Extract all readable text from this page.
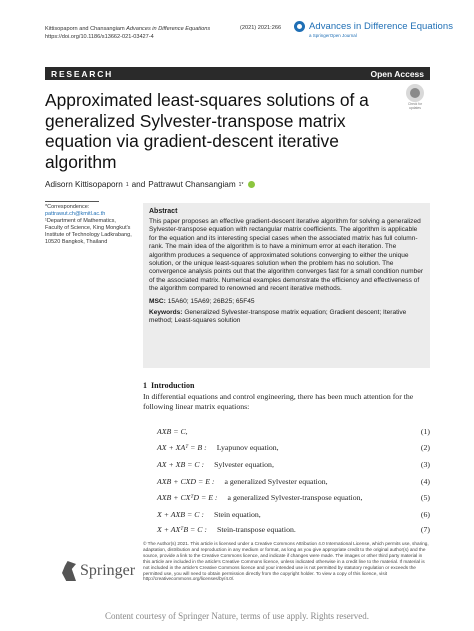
Kittisopaporn and Chansangiam Advances in Difference Equations
https://doi.org/10.1186/s13662-021-03427-4
(2021) 2021:266	Advances in Difference Equations
a SpringerOpen Journal
RESEARCH	Open Access
Approximated least-squares solutions of a generalized Sylvester-transpose matrix equation via gradient-descent iterative algorithm
Check for updates
Adisorn Kittisopaporn 1 and Pattrawut Chansangiam 1*
*Correspondence:
pattrawut.ch@kmitl.ac.th
¹Department of Mathematics, Faculty of Science, King Mongkut's Institute of Technology Ladkrabang, 10520 Bangkok, Thailand
Abstract

This paper proposes an effective gradient-descent iterative algorithm for solving a generalized Sylvester-transpose equation with rectangular matrix coefficients. The algorithm is applicable for the equation and its interesting special cases when the associated matrix has full column-rank. The main idea of the algorithm is to have a minimum error at each iteration. The algorithm produces a sequence of approximated solutions converging to either the unique solution, or the unique least-squares solution when the problem has no solution. The convergence analysis points out that the algorithm converges fast for a small condition number of the associated matrix. Numerical examples demonstrate the efficiency and effectiveness of the algorithm compared to renowned and recent iterative methods.

MSC: 15A60; 15A69; 26B25; 65F45
Keywords: Generalized Sylvester-transpose matrix equation; Gradient descent; Iterative method; Least-squares solution
1 Introduction

In differential equations and control engineering, there has been much attention for the following linear matrix equations:

AXB = C,	(1)
AX + XAᵀ = B : Lyapunov equation,	(2)
AX + XB = C : Sylvester equation,	(3)
AXB + CXD = E : a generalized Sylvester equation,	(4)
AXB + CXᵀD = E : a generalized Sylvester-transpose equation,	(5)
X + AXB = C : Stein equation,	(6)
X + AXᵀB = C : Stein-transpose equation.	(7)
Springer

© The Author(s) 2021. This article is licensed under a Creative Commons Attribution 4.0 International License, which permits use, sharing, adaptation, distribution and reproduction in any medium or format, as long as you give appropriate credit to the original author(s) and the source, provide a link to the Creative Commons licence, and indicate if changes were made. The images or other third party material in this article are included in the article's Creative Commons licence, unless indicated otherwise in a credit line to the material. If material is not included in the article's Creative Commons licence and your intended use is not permitted by statutory regulation or exceeds the permitted use, you will need to obtain permission directly from the copyright holder. To view a copy of this licence, visit http://creativecommons.org/licenses/by/4.0/.

Content courtesy of Springer Nature, terms of use apply. Rights reserved.
